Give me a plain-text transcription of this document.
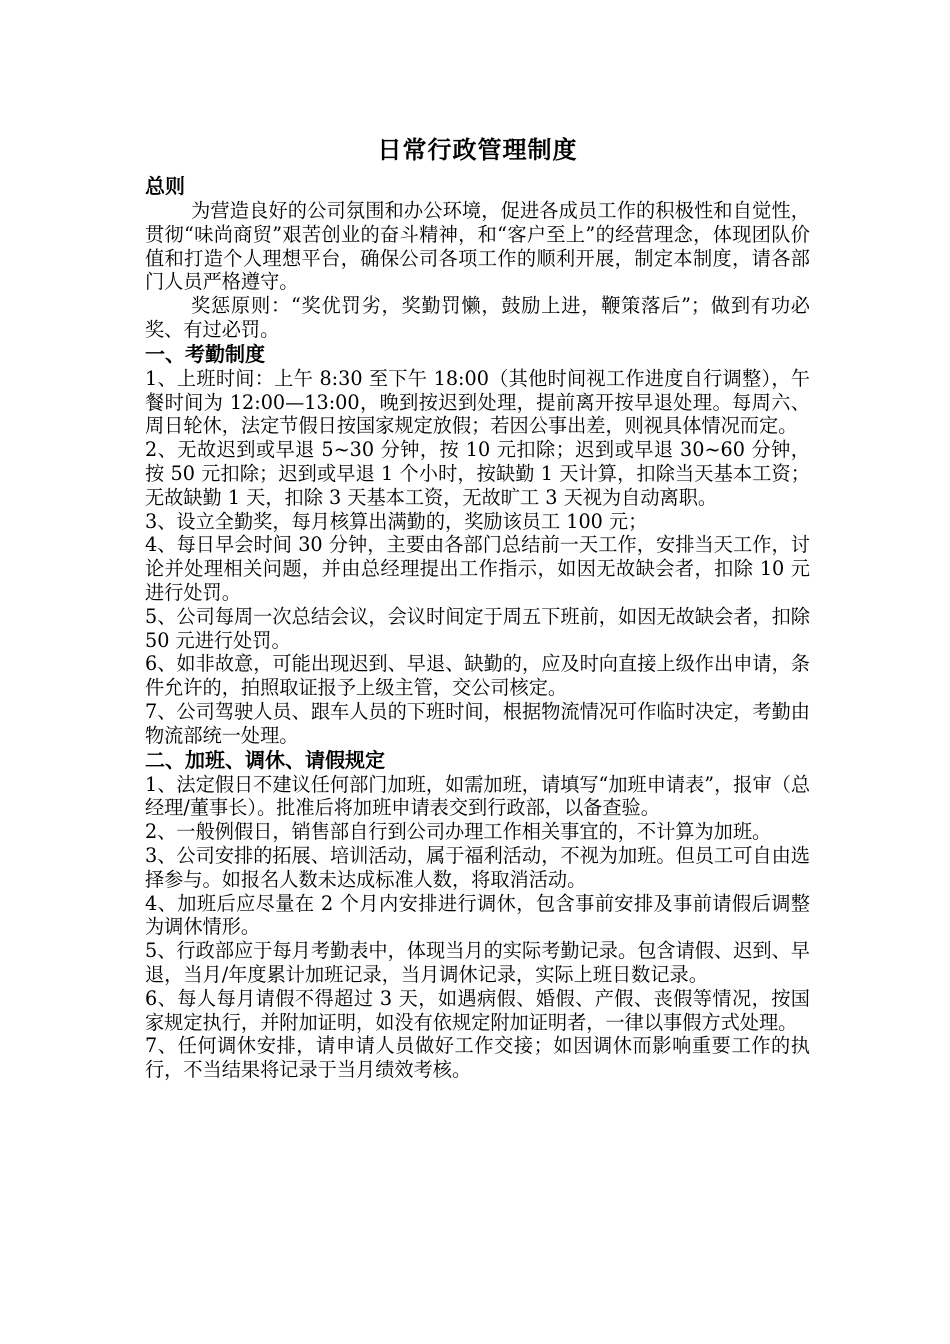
日常行政管理制度
总则

为营造良好的公司氛围和办公环境，促进各成员工作的积极性和自觉性，贯彻“味尚商贸”艰苦创业的奋斗精神，和“客户至上”的经营理念，体现团队价值和打造个人理想平台，确保公司各项工作的顺利开展，制定本制度，请各部门人员严格遵守。

奖惩原则：“奖优罚劣，奖勤罚懒，鼓励上进，鞭策落后”；做到有功必奖、有过必罚。

一、考勤制度

1、上班时间：上午 8:30 至下午 18:00（其他时间视工作进度自行调整），午餐时间为 12:00—13:00，晚到按迟到处理，提前离开按早退处理。每周六、周日轮休，法定节假日按国家规定放假；若因公事出差，则视具体情况而定。

2、无故迟到或早退 5~30 分钟，按 10 元扣除；迟到或早退 30~60 分钟，按 50 元扣除；迟到或早退 1 个小时，按缺勤 1 天计算，扣除当天基本工资；无故缺勤 1 天，扣除 3 天基本工资，无故旷工 3 天视为自动离职。

3、设立全勤奖，每月核算出满勤的，奖励该员工 100 元；

4、每日早会时间 30 分钟，主要由各部门总结前一天工作，安排当天工作，讨论并处理相关问题，并由总经理提出工作指示，如因无故缺会者，扣除 10 元进行处罚。

5、公司每周一次总结会议，会议时间定于周五下班前，如因无故缺会者，扣除 50 元进行处罚。

6、如非故意，可能出现迟到、早退、缺勤的，应及时向直接上级作出申请，条件允许的，拍照取证报予上级主管，交公司核定。

7、公司驾驶人员、跟车人员的下班时间，根据物流情况可作临时决定，考勤由物流部统一处理。

二、加班、调休、请假规定

1、法定假日不建议任何部门加班，如需加班，请填写“加班申请表”，报审（总经理/董事长）。批准后将加班申请表交到行政部，以备查验。

2、一般例假日，销售部自行到公司办理工作相关事宜的，不计算为加班。

3、公司安排的拓展、培训活动，属于福利活动，不视为加班。但员工可自由选择参与。如报名人数未达成标准人数，将取消活动。

4、加班后应尽量在 2 个月内安排进行调休，包含事前安排及事前请假后调整为调休情形。

5、行政部应于每月考勤表中，体现当月的实际考勤记录。包含请假、迟到、早退，当月/年度累计加班记录，当月调休记录，实际上班日数记录。

6、每人每月请假不得超过 3 天，如遇病假、婚假、产假、丧假等情况，按国家规定执行，并附加证明，如没有依规定附加证明者，一律以事假方式处理。

7、任何调休安排，请申请人员做好工作交接；如因调休而影响重要工作的执行，不当结果将记录于当月绩效考核。
